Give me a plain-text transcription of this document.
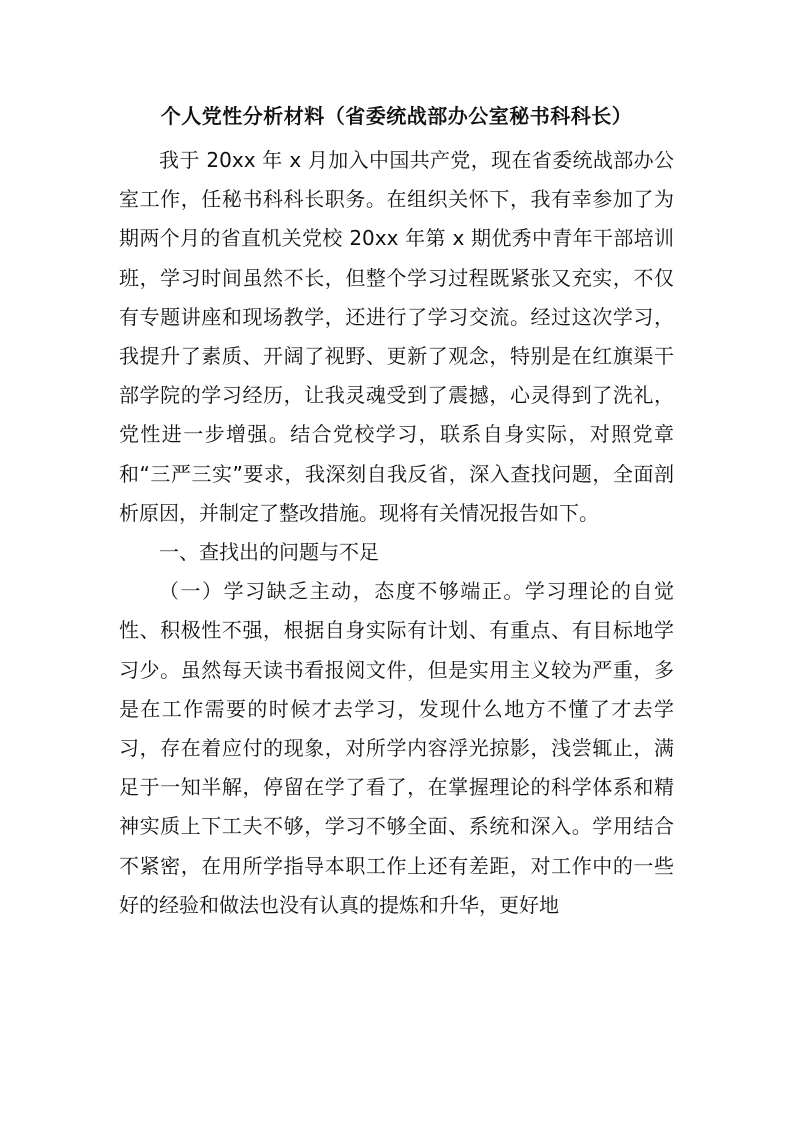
个人党性分析材料（省委统战部办公室秘书科科长）

我于 20xx 年 x 月加入中国共产党，现在省委统战部办公室工作，任秘书科科长职务。在组织关怀下，我有幸参加了为期两个月的省直机关党校 20xx 年第 x 期优秀中青年干部培训班，学习时间虽然不长，但整个学习过程既紧张又充实，不仅有专题讲座和现场教学，还进行了学习交流。经过这次学习，我提升了素质、开阔了视野、更新了观念，特别是在红旗渠干部学院的学习经历，让我灵魂受到了震撼，心灵得到了洗礼，党性进一步增强。结合党校学习，联系自身实际，对照党章和“三严三实”要求，我深刻自我反省，深入查找问题，全面剖析原因，并制定了整改措施。现将有关情况报告如下。

一、查找出的问题与不足

（一）学习缺乏主动，态度不够端正。学习理论的自觉性、积极性不强，根据自身实际有计划、有重点、有目标地学习少。虽然每天读书看报阅文件，但是实用主义较为严重，多是在工作需要的时候才去学习，发现什么地方不懂了才去学习，存在着应付的现象，对所学内容浮光掠影，浅尝辄止，满足于一知半解，停留在学了看了，在掌握理论的科学体系和精神实质上下工夫不够，学习不够全面、系统和深入。学用结合不紧密，在用所学指导本职工作上还有差距，对工作中的一些好的经验和做法也没有认真的提炼和升华，更好地
